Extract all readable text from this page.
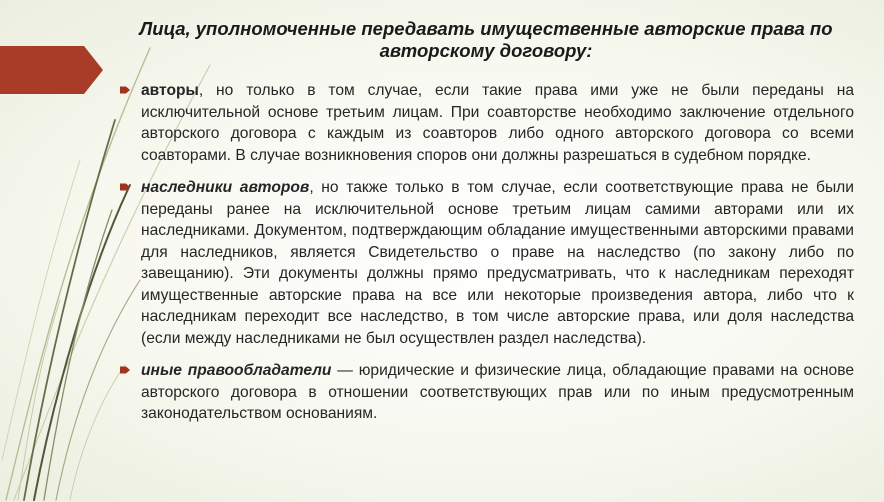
Лица, уполномоченные передавать имущественные авторские права по авторскому договору:
авторы, но только в том случае, если такие права ими уже не были переданы на исключительной основе третьим лицам. При соавторстве необходимо заключение отдельного авторского договора с каждым из соавторов либо одного авторского договора со всеми соавторами. В случае возникновения споров они должны разрешаться в судебном порядке.
наследники авторов, но также только в том случае, если соответствующие права не были переданы ранее на исключительной основе третьим лицам самими авторами или их наследниками. Документом, подтверждающим обладание имущественными авторскими правами для наследников, является Свидетельство о праве на наследство (по закону либо по завещанию). Эти документы должны прямо предусматривать, что к наследникам переходят имущественные авторские права на все или некоторые произведения автора, либо что к наследникам переходит все наследство, в том числе авторские права, или доля наследства (если между наследниками не был осуществлен раздел наследства).
иные правообладатели — юридические и физические лица, обладающие правами на основе авторского договора в отношении соответствующих прав или по иным предусмотренным законодательством основаниям.
